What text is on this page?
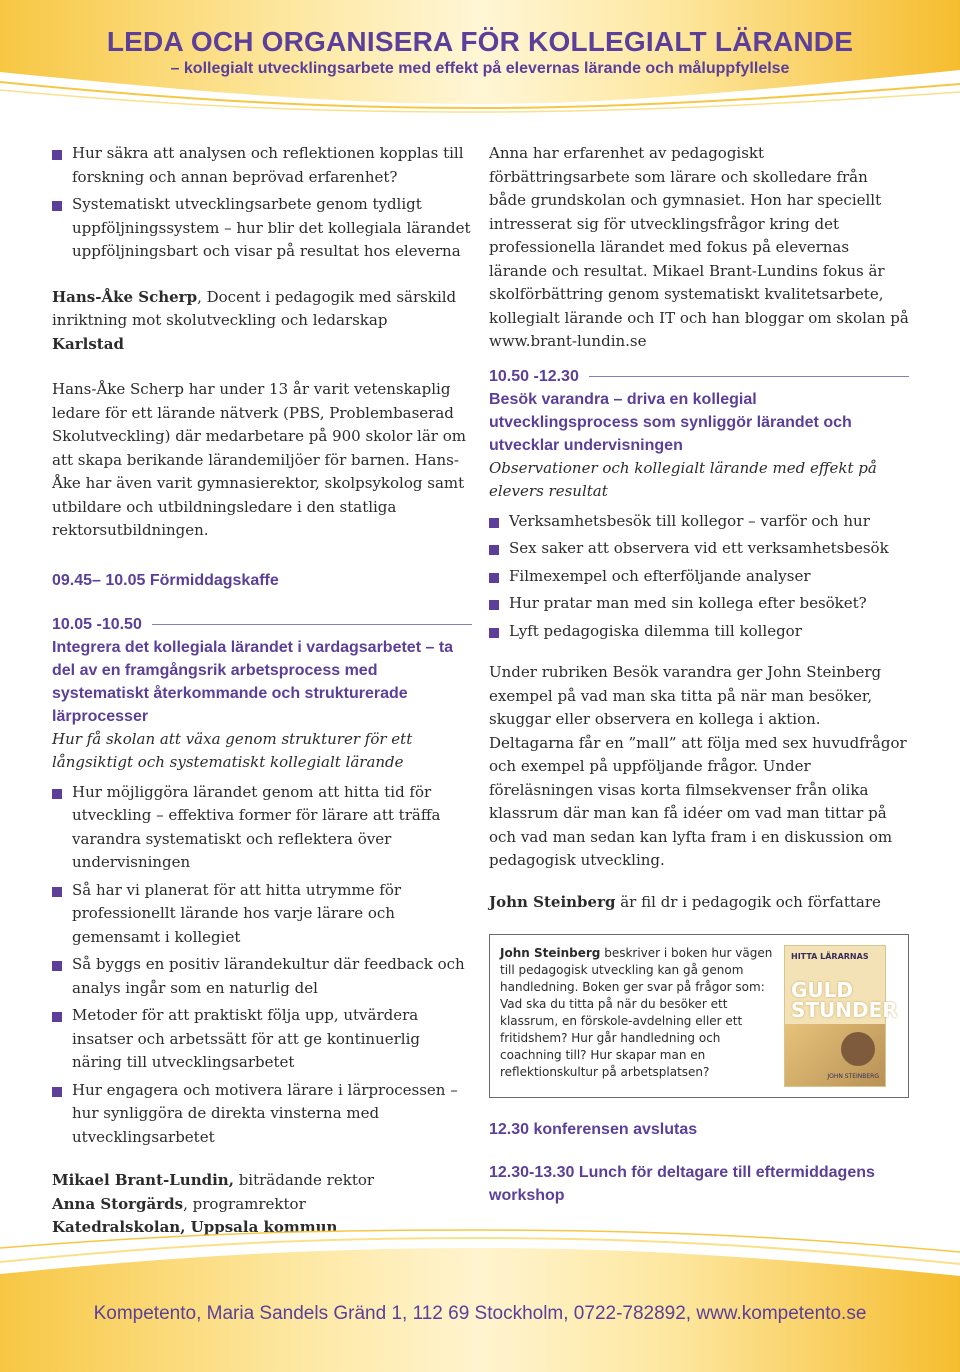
LEDA OCH ORGANISERA FÖR KOLLEGIALT LÄRANDE
– kollegialt utvecklingsarbete med effekt på elevernas lärande och måluppfyllelse

Hur säkra att analysen och reflektionen kopplas till forskning och annan beprövad erfarenhet?

Systematiskt utvecklingsarbete genom tydligt uppföljningssystem – hur blir det kollegiala lärandet uppföljningsbart och visar på resultat hos eleverna

Hans-Åke Scherp, Docent i pedagogik med särskild inriktning mot skolutveckling och ledarskap
Karlstad

Hans-Åke Scherp har under 13 år varit vetenskaplig ledare för ett lärande nätverk (PBS, Problembaserad Skolutveckling) där medarbetare på 900 skolor lär om att skapa berikande lärandemiljöer för barnen. Hans-Åke har även varit gymnasierektor, skolpsykolog samt utbildare och utbildningsledare i den statliga rektorsutbildningen.

09.45– 10.05 Förmiddagskaffe
10.05 -10.50
Integrera det kollegiala lärandet i vardagsarbetet – ta del av en framgångsrik arbetsprocess med systematiskt återkommande och strukturerade lärprocesser
Hur få skolan att växa genom strukturer för ett långsiktigt och systematiskt kollegialt lärande

Hur möjliggöra lärandet genom att hitta tid för utveckling – effektiva former för lärare att träffa varandra systematiskt och reflektera över undervisningen

Så har vi planerat för att hitta utrymme för professionellt lärande hos varje lärare och gemensamt i kollegiet

Så byggs en positiv lärandekultur där feedback och analys ingår som en naturlig del

Metoder för att praktiskt följa upp, utvärdera insatser och arbetssätt för att ge kontinuerlig näring till utvecklingsarbetet

Hur engagera och motivera lärare i lärprocessen – hur synliggöra de direkta vinsterna med utvecklingsarbetet

Mikael Brant-Lundin, biträdande rektor
Anna Storgärds, programrektor
Katedralskolan, Uppsala kommun

Anna har erfarenhet av pedagogiskt förbättringsarbete som lärare och skolledare från både grundskolan och gymnasiet. Hon har speciellt intresserat sig för utvecklingsfrågor kring det professionella lärandet med fokus på elevernas lärande och resultat. Mikael Brant-Lundins fokus är skolförbättring genom systematiskt kvalitetsarbete, kollegialt lärande och IT och han bloggar om skolan på www.brant-lundin.se

10.50 -12.30
Besök varandra – driva en kollegial utvecklingsprocess som synliggör lärandet och utvecklar undervisningen
Observationer och kollegialt lärande med effekt på elevers resultat

Verksamhetsbesök till kollegor – varför och hur

Sex saker att observera vid ett verksamhetsbesök

Filmexempel och efterföljande analyser

Hur pratar man med sin kollega efter besöket?

Lyft pedagogiska dilemma till kollegor

Under rubriken Besök varandra ger John Steinberg exempel på vad man ska titta på när man besöker, skuggar eller observera en kollega i aktion. Deltagarna får en ”mall” att följa med sex huvudfrågor och exempel på uppföljande frågor. Under föreläsningen visas korta filmsekvenser från olika klassrum där man kan få idéer om vad man tittar på och vad man sedan kan lyfta fram i en diskussion om pedagogisk utveckling.

John Steinberg är fil dr i pedagogik och författare

John Steinberg beskriver i boken hur vägen till pedagogisk utveckling kan gå genom handledning. Boken ger svar på frågor som: Vad ska du titta på när du besöker ett klassrum, en förskole-avdelning eller ett fritidshem? Hur går handledning och coachning till? Hur skapar man en reflektionskultur på arbetsplatsen?
HITTA LÄRARNAS
GULD STUNDER
JOHN STEINBERG
12.30 konferensen avslutas
12.30-13.30 Lunch för deltagare till eftermiddagens workshop
Kompetento, Maria Sandels Gränd 1, 112 69 Stockholm, 0722-782892, www.kompetento.se
